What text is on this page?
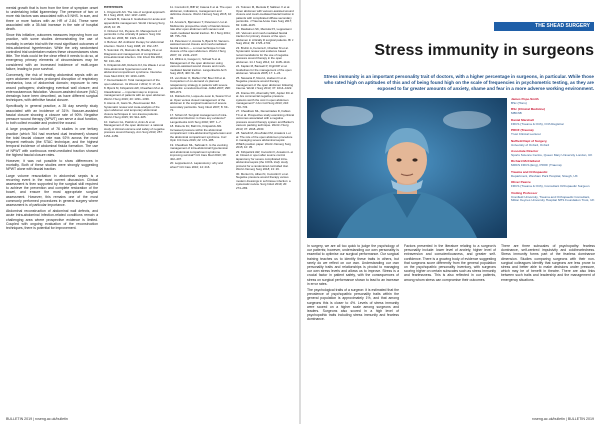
mental growth that is born from the time of symptom onset to undertaking initial ligamentary. The presence of two or more risk factors was associated with a 5 NHS. In sum, and three or more factors with an HR of 2.84. These were associated with a 35-fold increase in the rate of hospital death.

Since this initiative, outcomes measures improving from our practice, with some studies demonstrating the use of mortality in certain trial with the most significant outcomes of intra-abdominal hypertension. While the only randomised controlled trial undertaken makes these circumstances show little. The trials could be the clear effect it needs to do so, at emergency primary elements of circumstances may be considered with an increased incidence of multi-organ failure, leading to poor survival.

Conversely, the risk of treating abdominal sepsis with an open abdomen includes prolonged disruption of respiratory mechanics, loss of abdominal domain; exposure to new wound pathogens; challenging eventual wall closure; and enterocutaneous fistulation. Vacuum-assisted closure (VAC) dressings have been described, as have different surgical techniques, with definitive fascial closure.

Specifically in general practice, a 35 day severity study associated with an incidence of 31%. Vacuum-assisted fascial closure showing a closure rate of 90%. Negative pressure wound therapy (NPWT) can serve a dual function, to both collect exudate and protect the wound.

A large prospective cohort of 76 studies in one tertiary practice (which 764 had received dual treatment) showed the total fascial closure rate was 92% across the most frequent methods (the STAC technique, and the highest temporal incidence of abdominal fistula formation. The use of NPWT with continuous mesh-mediated traction showed the highest fascial closure rates.

However, it was not possible to show differences in mortality. Both of these studies were strongly suggesting NPWT alone with fascial traction.

Large volume resuscitation in abdominal sepsis is a recurring event in the most current discussion. Clinical assessment is then supported by the surgical skill required to achieve the prevention and complete restoration of the bowel, and ensure the most appropriate surgical assessment. However, this remains one of the most commonly performed procedures in general surgery where assessment is of particular importance.

Abdominal reconstruction of abdominal wall defects, and acute intra-abdominal infection-related conditions remain a challenging area where prospective evidence is limited. Coupled with ongoing evaluation of the reconstruction techniques, there is potential for improvement.

References

1. Kingsnorth AN. The role of surgical approach. Br J Surg 2015; 102: 1197–1209.

2. Sartelli M, Catena F. Guidelines for acute and appendicitis management. World J Emerg Surg 2015; 10: 35.

3. Ordonez CA, Puyana JC. Management of peritonitis in the critically ill patient. Surg Clin North Am 2006; 86: 1323–1349.

4. Bohnen JM. Antibiotic therapy for abdominal infection. World J Surg 1998; 22: 152–157.

5. Solomkin JS, Mazuski JE, Bradley JS et al. Diagnosis and management of complicated intra-abdominal infection. Clin Infect Dis 2010; 50: 133–164.

6. Kirkpatrick AW, Roberts DJ, De Waele J et al. Intra-abdominal hypertension and the abdominal compartment syndrome. Intensive Care Med 2013; 39: 1190–1206.

7. Demetriades D. Total management of the open abdomen. Int Wound J 2012; 9: 17–24.

8. Bjorck M, Kirkpatrick AW, Cheatham M et al. Classification — important step to improve management of patients with an open abdomen. World J Surg 2016; 40: 1331–1339.

9. Atema JJ, Gans SL, Boermeester MA. Systematic review and meta-analysis of the open abdomen and temporary abdominal closure techniques in non-trauma patients. World J Surg 2015; 39: 912–925.

10. Carlson GL, Patrick H, Amin AI et al. Management of the open abdomen: a national study of clinical outcome and safety of negative pressure wound therapy. Ann Surg 2013; 257: 1154–1159.

11. Coccolini F, Biffl W, Catena F et al. The open abdomen, indications, management and definitive closure. World J Emerg Surg 2015; 10: 32.

12. Acosta S, Bjarnason T, Petersson U et al. Multicentre prospective study of fascial closure rate after open abdomen with vacuum and mesh-mediated fascial traction. Br J Surg 2011; 98: 735–743.

13. Petersson U, Acosta S, Bjorck M. Vacuum-assisted wound closure and mesh-mediated fascial traction — a novel technique for late closure of the open abdomen. World J Surg 2007; 31: 2133–2137.

14. Willms A, Gusgen C, Schaaf S et al. Management of the open abdomen using vacuum-assisted wound closure and mesh-mediated fascial traction. Langenbecks Arch Surg 2015; 400: 91–99.

15. van Ruler O, Mahler CW, Boer KR et al. Comparison of on-demand vs planned relaparotomy strategy in patients with severe peritonitis: a randomized trial. JAMA 2007; 298: 865–872.

16. Robledo FA, Luque-de-Leon E, Suarez R et al. Open versus closed management of the abdomen in the surgical treatment of severe secondary peritonitis. Surg Infect 2007; 8: 63–72.

17. Schein M. Surgical management of intra-abdominal infection: is there any evidence? Langenbecks Arch Surg 2002; 387: 1–7.

18. Roberts DJ, Ball CG, Kirkpatrick AW. Increased pressure within the abdominal compartment: intra-abdominal hypertension and the abdominal compartment syndrome. Curr Opin Crit Care 2016; 22: 174–185.

19. Cheatham ML, Safcsak K. Is the evolving management of intra-abdominal hypertension and abdominal compartment syndrome improving survival? Crit Care Med 2010; 38: 402–407.

20. Leppaniemi A. Laparostomy: why and when? Crit Care 2010; 14: 216.

21. Tolonen M, Mentula P, Sallinen V et al. Open abdomen with vacuum-assisted wound closure and mesh-mediated fascial traction in patients with complicated diffuse secondary peritonitis. J Trauma Acute Care Surg 2017; 82: 1100–1105.

22. Rasilainen SK, Mentula PJ, Leppaniemi AK. Vacuum and mesh-mediated fascial traction for primary closure of the open abdomen in critically ill surgical patients. Br J Surg 2012; 99: 1725–1732.

23. Bruhin A, Ferreira F, Chariker M et al. Systematic review and evidence based recommendations for the use of negative pressure wound therapy in the open abdomen. Int J Surg 2014; 12: 1105–1114.

24. Kaplan M, Banwell P, Orgill DP et al. Guidelines for the management of the open abdomen. Wounds 2005; 17: 1–24.

25. Navsaria P, Nicol A, Hudson D et al. Negative pressure wound therapy management of the open abdomen following trauma. World J Surg 2013; 37: 1014–1022.

26. Frazee RC, Abernathy SW, Jupiter DC et al. Are commercial negative pressure systems worth the cost in open abdomen management? J Am Coll Surg 2013; 216: 730–733.

27. Cheatham ML, Demetriades D, Fabian TC et al. Prospective study examining clinical outcomes associated with a negative pressure wound therapy system and Barker's vacuum packing technique. World J Surg 2013; 37: 2018–2030.

28. Sartelli M, Abu-Zidan FM, Ansaloni L et al. The role of the open abdomen procedure in managing severe abdominal sepsis: WSES position paper. World J Emerg Surg 2015; 10: 35.

29. Kirkpatrick AW, Coccolini F, Ansaloni L et al. Closed or open after source control laparotomy for severe complicated intra-abdominal sepsis (the COOL trial): study protocol for a randomized controlled trial. World J Emerg Surg 2018; 13: 26.

30. Montori G, Allievi N, Coccolini F et al. Negative pressure wound therapy versus modern dressings in soft tissue infection: a systematic review. Surg Infect 2019; 20: 274–283.

BULLETIN 2019 | rcseng.ac.uk/bulletin
THE SHEAD SURGERY
Stress immunity in surgeons
Stress immunity is an important personality trait of doctors, with a higher percentage in surgeons, in particular. While those who rated high on aptitudes of this and of being found high on the scale of frequencies in psychometric testing, as they are exposed to far greater amounts of anxiety, shame and fear in a more adverse working environment.
James Pope-Smith
BSc (Hons)
BSc (Clinical Medicine)
MBChB
Daniel Marshall
FRCS (Trauma & Orth), Orth Registrar
PROF (Trauma)
Trust Clinical Lecturer
Nuffield Dept of Surgery,
University of Oxford, Oxford
Associate Director
Sports Science Centre, Queen Mary University London, UK
Richard McClelland
MRCS FRCS (Eng), PROF (Trauma)
Trauma and Orthopaedic
Department, Wexham Park Hospital, Slough, UK
Oliver Pearce
FRCS (Trauma & Orth), Consultant Orthopaedic Surgeon
Visiting Professor
Cranfield University, Trauma and Orthopaedic Consultant, Milton Keynes University Hospital NHS Foundation Trust, UK

In surgery, we are all too quick to judge the psychology of our patients; however, understanding our own personality is essential to optimise our surgical performance. Our surgical training teaches us to identify these traits in others, but rarely do we reflect on our own. Understanding our own personality traits and relationships is pivotal to managing our own stress levels and allows us to improve. Stress is a crucial factor in patient safety, with the consequences of stress on surgical performance shown to lead to an increase in error rates.

The psychological traits of a surgeon: it is estimated that the prevalence of psychopathic personality traits within the general population is approximately 1%, and that among surgeons this is closer to 4%. Levels of stress immunity were scored on a higher scale among surgeons and leaders. Surgeons also scored in a high level of psychopathic traits including stress immunity and fearless dominance.

Factors presented in the literature relating to a surgeon’s personality include: lower level of anxiety, higher level of extraversion and conscientiousness, and greater self-confidence. There is a growing body of evidence suggesting that surgeons score differently from the general population on the psychopathic personality inventory, with surgeons scoring higher on certain subscales such as stress immunity and fearlessness. This is also reflected in our patients, among whom stress can compromise their outcomes.

There are three subscales of psychopathy: fearless dominance, self-centred impulsivity and coldheartedness. Stress immunity forms part of the fearless dominance dimension. Studies comparing surgeons with their non-surgical colleagues identify that surgeons are less prone to stress and better able to make decisions under pressure, which may be of benefit in theatre. There are also links between such traits and leadership and the management of emergency situations.

rcseng.ac.uk/bulletin | BULLETIN 2019
